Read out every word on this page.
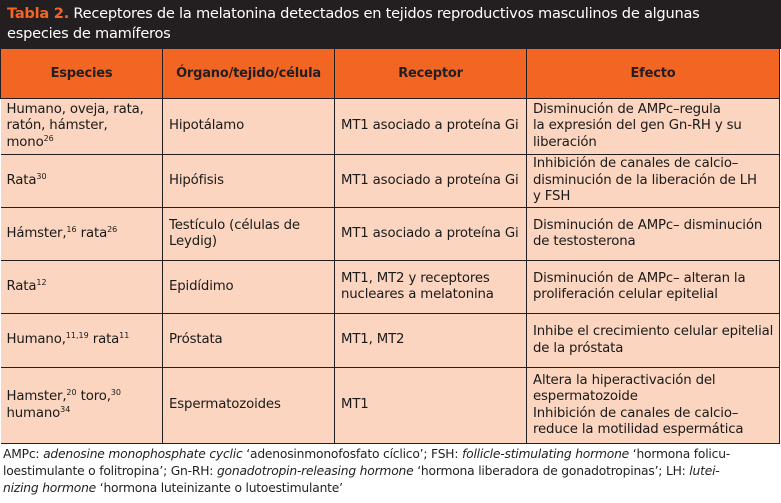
Tabla 2. Receptores de la melatonina detectados en tejidos reproductivos masculinos de algunas
especies de mamíferos
Especies	Órgano/tejido/célula	Receptor	Efecto
Humano, oveja, rata,
ratón, hámster, mono$^{26}$	Hipotálamo	MT1 asociado a proteína Gi	Disminución de AMPc–regula
la expresión del gen Gn-RH y su
liberación

Rata$^{30}$	Hipófisis	MT1 asociado a proteína Gi	Inhibición de canales de calcio–
disminución de la liberación de LH
y FSH

Hámster,$^{16}$ rata$^{26}$	Testículo (células de
Leydig)	MT1 asociado a proteína Gi	Disminución de AMPc– disminución
de testosterona

Rata$^{12}$	Epidídimo	MT1, MT2 y receptores
nucleares a melatonina	Disminución de AMPc– alteran la
proliferación celular epitelial

Humano,$^{11,19}$ rata$^{11}$	Próstata	MT1, MT2	Inhibe el crecimiento celular epitelial
de la próstata

Hamster,$^{20}$ toro,$^{30}$
humano$^{34}$	Espermatozoides	MT1	Altera la hiperactivación del
espermatozoide
Inhibición de canales de calcio–
reduce la motilidad espermática
AMPc: adenosine monophosphate cyclic ‘adenosinmonofosfato cíclico’; FSH: follicle-stimulating hormone ‘hormona folicu-
loestimulante o folitropina’; Gn-RH: gonadotropin-releasing hormone ‘hormona liberadora de gonadotropinas’; LH: lutei-
nizing hormone ‘hormona luteinizante o lutoestimulante’
